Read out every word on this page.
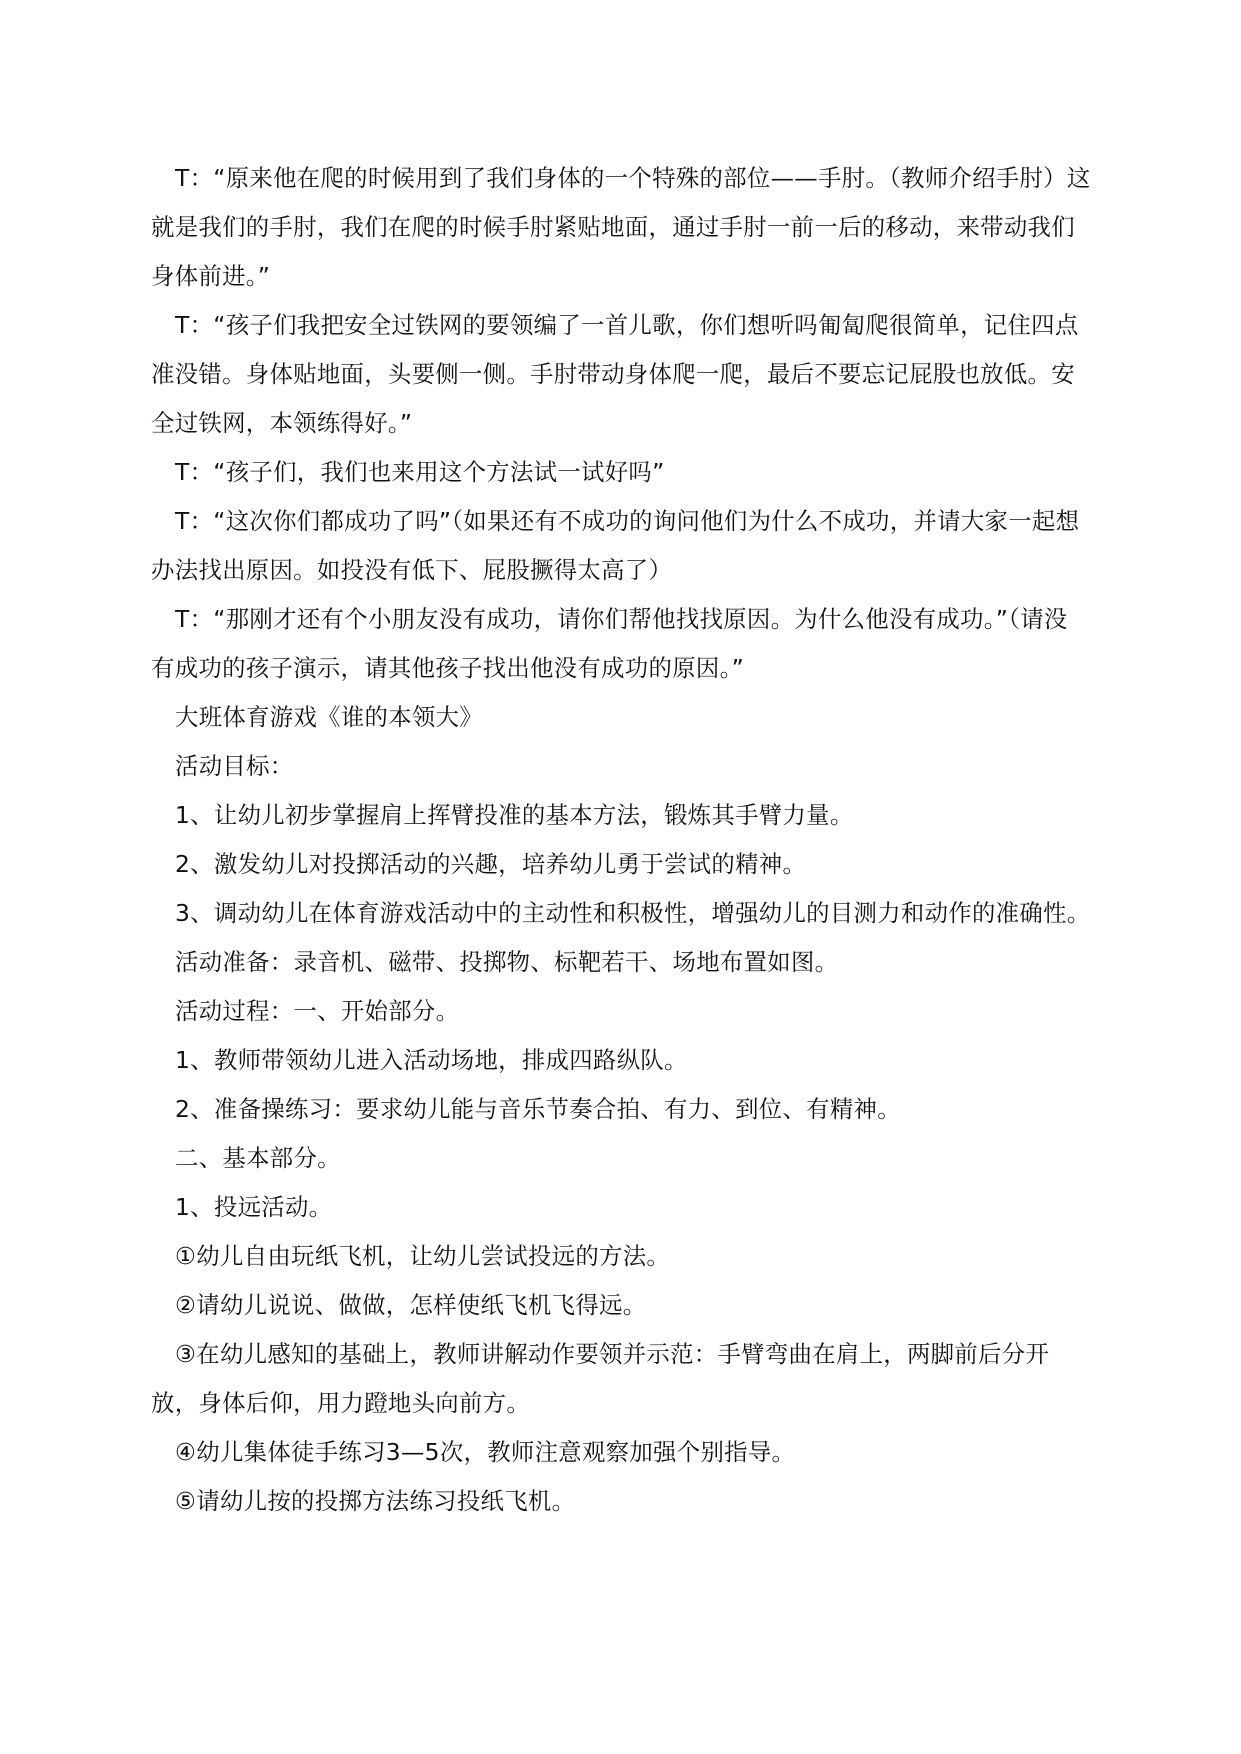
T：“原来他在爬的时候用到了我们身体的一个特殊的部位——手肘。（教师介绍手肘）这就是我们的手肘，我们在爬的时候手肘紧贴地面，通过手肘一前一后的移动，来带动我们身体前进。”

T：“孩子们我把安全过铁网的要领编了一首儿歌，你们想听吗匍匐爬很简单，记住四点准没错。身体贴地面，头要侧一侧。手肘带动身体爬一爬，最后不要忘记屁股也放低。安全过铁网，本领练得好。”

T：“孩子们，我们也来用这个方法试一试好吗”

T：“这次你们都成功了吗”（如果还有不成功的询问他们为什么不成功，并请大家一起想办法找出原因。如投没有低下、屁股撅得太高了）

T：“那刚才还有个小朋友没有成功，请你们帮他找找原因。为什么他没有成功。”（请没有成功的孩子演示，请其他孩子找出他没有成功的原因。”

大班体育游戏《谁的本领大》

活动目标：

1、让幼儿初步掌握肩上挥臂投准的基本方法，锻炼其手臂力量。

2、激发幼儿对投掷活动的兴趣，培养幼儿勇于尝试的精神。

3、调动幼儿在体育游戏活动中的主动性和积极性，增强幼儿的目测力和动作的准确性。

活动准备：录音机、磁带、投掷物、标靶若干、场地布置如图。

活动过程：一、开始部分。

1、教师带领幼儿进入活动场地，排成四路纵队。

2、准备操练习：要求幼儿能与音乐节奏合拍、有力、到位、有精神。

二、基本部分。

1、投远活动。

①幼儿自由玩纸飞机，让幼儿尝试投远的方法。

②请幼儿说说、做做，怎样使纸飞机飞得远。

③在幼儿感知的基础上，教师讲解动作要领并示范：手臂弯曲在肩上，两脚前后分开放，身体后仰，用力蹬地头向前方。

④幼儿集体徒手练习3—5次，教师注意观察加强个别指导。

⑤请幼儿按的投掷方法练习投纸飞机。
